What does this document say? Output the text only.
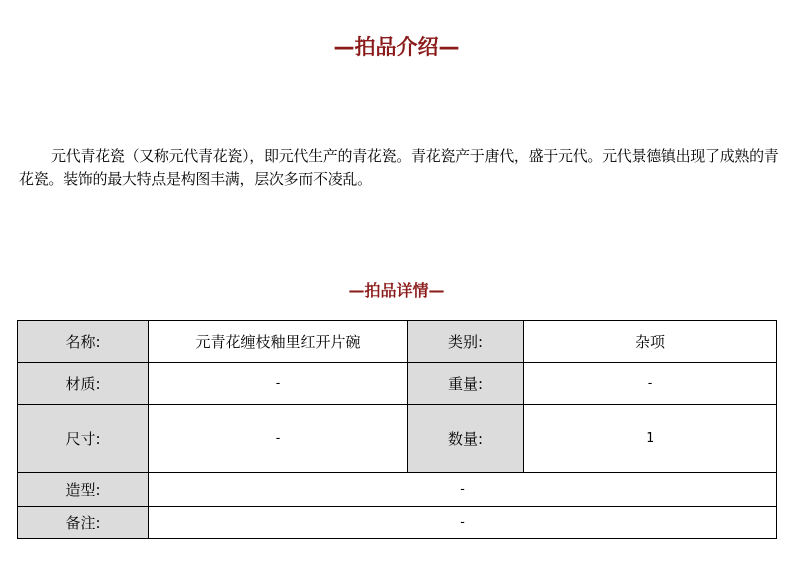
—拍品介绍—

元代青花瓷（又称元代青花瓷），即元代生产的青花瓷。青花瓷产于唐代，盛于元代。元代景德镇出现了成熟的青花瓷。装饰的最大特点是构图丰满，层次多而不凌乱。

—拍品详情—
名称:	元青花缠枝釉里红开片碗	类别:	杂项
材质:	-	重量:	-
尺寸:	-	数量:	1
造型:	-		
备注:	-		
